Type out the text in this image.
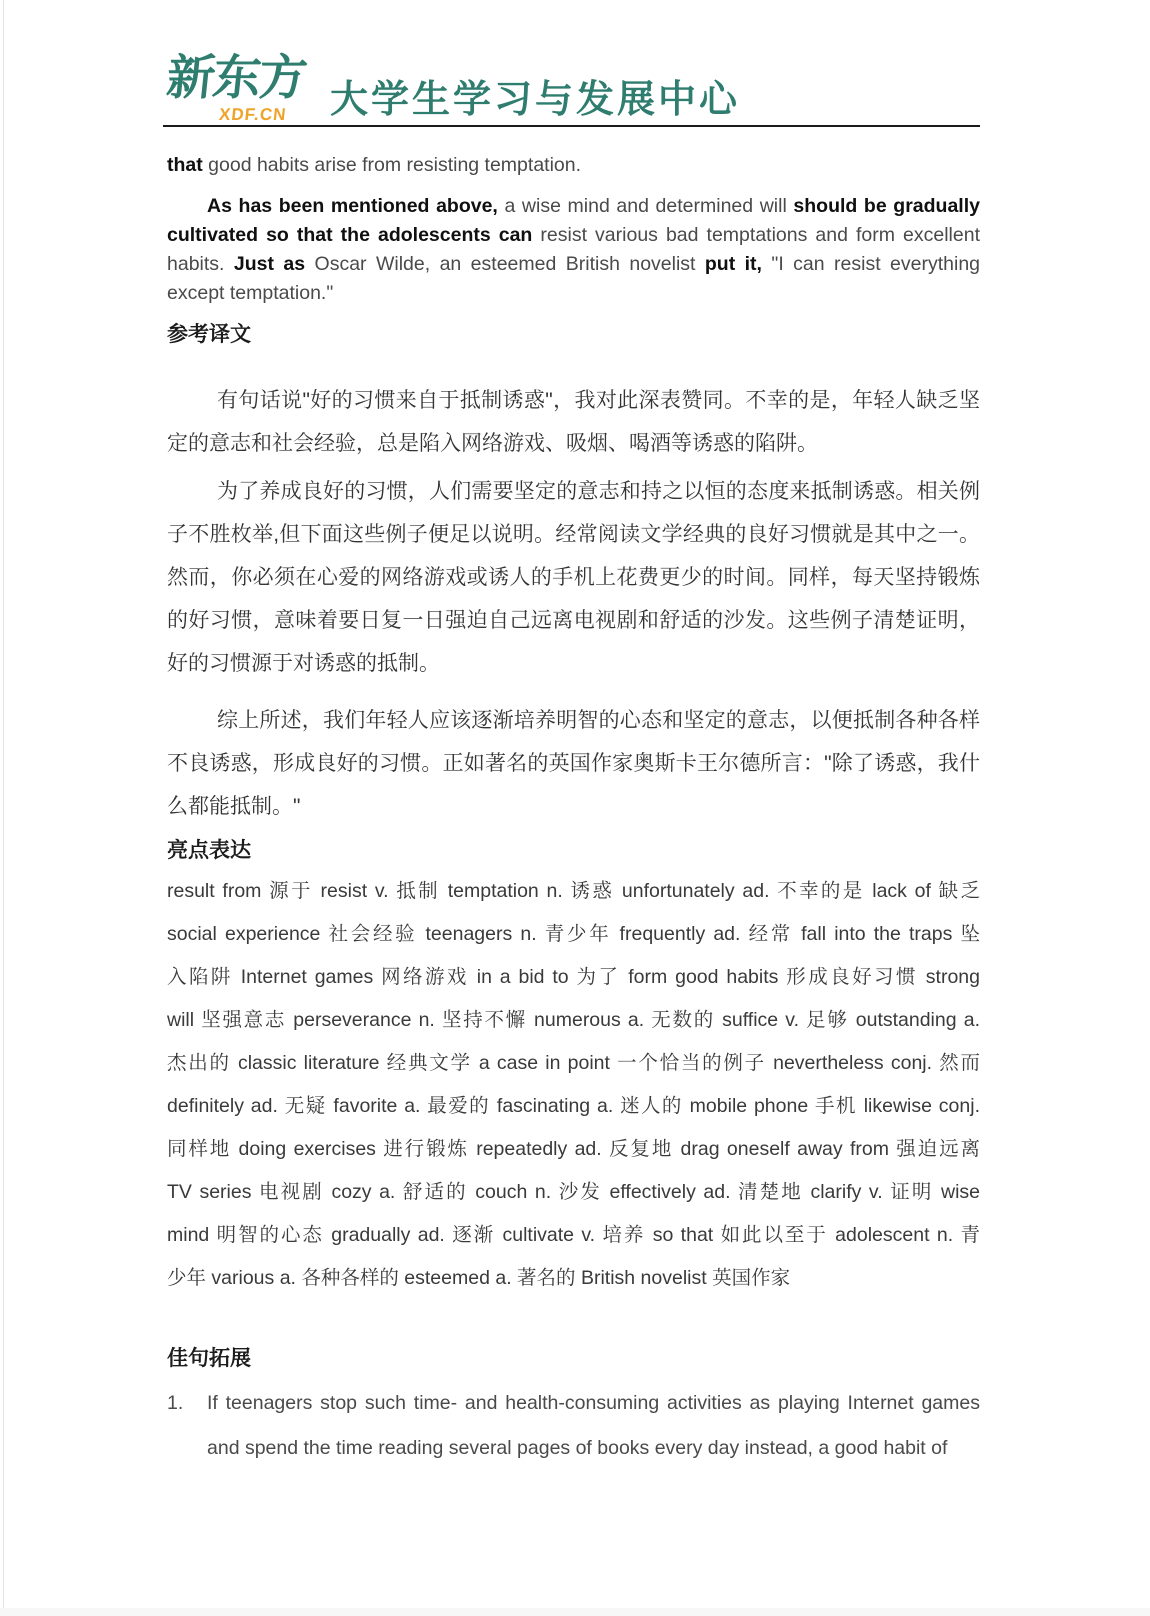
新东方
XDF.CN 大学生学习与发展中心

that good habits arise from resisting temptation.

As has been mentioned above, a wise mind and determined will should be gradually cultivated so that the adolescents can resist various bad temptations and form excellent habits. Just as Oscar Wilde, an esteemed British novelist put it, "I can resist everything except temptation."

参考译文

有句话说"好的习惯来自于抵制诱惑"，我对此深表赞同。不幸的是，年轻人缺乏坚定的意志和社会经验，总是陷入网络游戏、吸烟、喝酒等诱惑的陷阱。

为了养成良好的习惯，人们需要坚定的意志和持之以恒的态度来抵制诱惑。相关例子不胜枚举,但下面这些例子便足以说明。经常阅读文学经典的良好习惯就是其中之一。然而，你必须在心爱的网络游戏或诱人的手机上花费更少的时间。同样，每天坚持锻炼的好习惯，意味着要日复一日强迫自己远离电视剧和舒适的沙发。这些例子清楚证明，好的习惯源于对诱惑的抵制。

综上所述，我们年轻人应该逐渐培养明智的心态和坚定的意志，以便抵制各种各样不良诱惑，形成良好的习惯。正如著名的英国作家奥斯卡王尔德所言："除了诱惑，我什么都能抵制。"

亮点表达
result from 源于 resist v. 抵制 temptation n. 诱惑 unfortunately ad. 不幸的是 lack of 缺乏
social experience 社会经验 teenagers n. 青少年 frequently ad. 经常 fall into the traps 坠
入陷阱 Internet games 网络游戏 in a bid to 为了 form good habits 形成良好习惯 strong
will 坚强意志 perseverance n. 坚持不懈 numerous a. 无数的 suffice v. 足够 outstanding a.
杰出的 classic literature 经典文学 a case in point 一个恰当的例子 nevertheless conj. 然而
definitely ad. 无疑 favorite a. 最爱的 fascinating a. 迷人的 mobile phone 手机 likewise conj.
同样地 doing exercises 进行锻炼 repeatedly ad. 反复地 drag oneself away from 强迫远离
TV series 电视剧 cozy a. 舒适的 couch n. 沙发 effectively ad. 清楚地 clarify v. 证明 wise
mind 明智的心态 gradually ad. 逐渐 cultivate v. 培养 so that 如此以至于 adolescent n. 青
少年 various a. 各种各样的 esteemed a. 著名的 British novelist 英国作家
佳句拓展
1.	If teenagers stop such time- and health-consuming activities as playing Internet games and spend the time reading several pages of books every day instead, a good habit of
